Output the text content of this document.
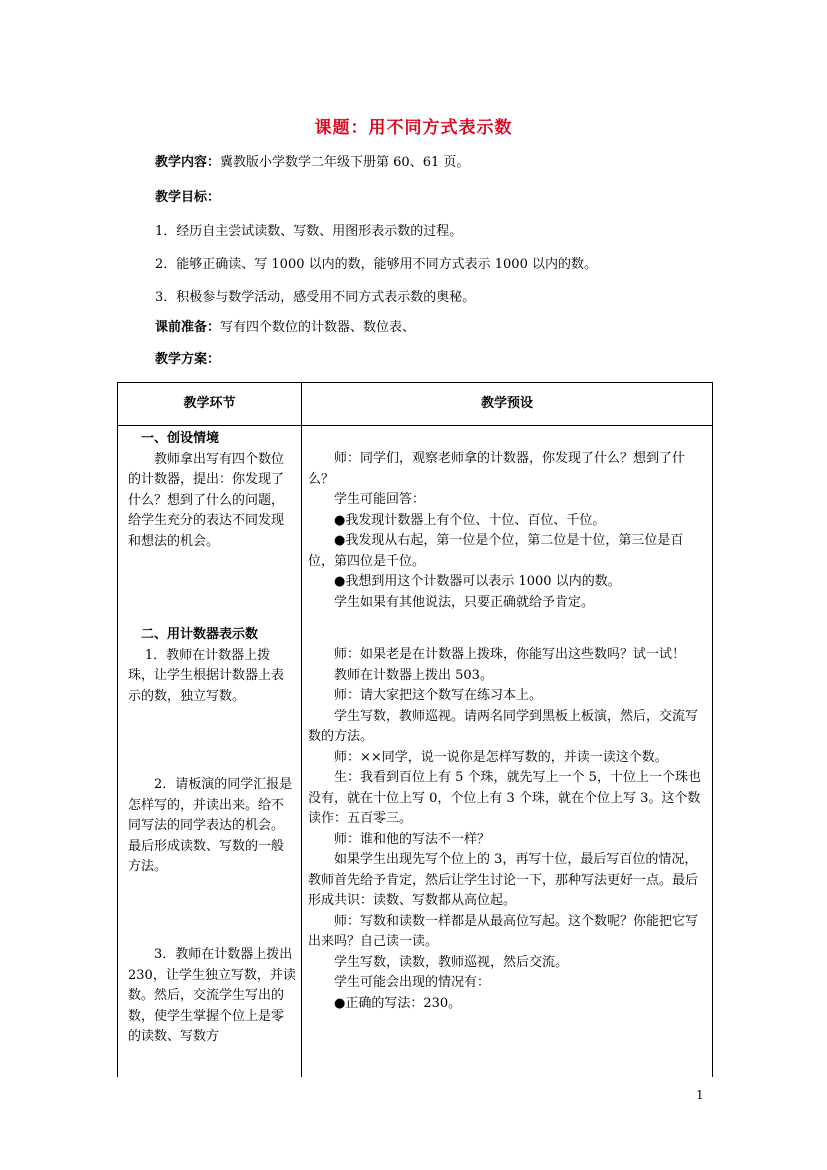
课题：用不同方式表示数
教学内容：冀教版小学数学二年级下册第 60、61 页。
教学目标：
1．经历自主尝试读数、写数、用图形表示数的过程。
2．能够正确读、写 1000 以内的数，能够用不同方式表示 1000 以内的数。
3．积极参与数学活动，感受用不同方式表示数的奥秘。
课前准备：写有四个数位的计数器、数位表、
教学方案：
教学环节	教学预设

一、创设情境

教师拿出写有四个数位的计数器，提出：你发现了什么？想到了什么的问题，给学生充分的表达不同发现和想法的机会。

二、用计数器表示数

1．教师在计数器上拨珠，让学生根据计数器上表示的数，独立写数。

2．请板演的同学汇报是怎样写的，并读出来。给不同写法的同学表达的机会。最后形成读数、写数的一般方法。

3．教师在计数器上拨出 230，让学生独立写数，并读数。然后，交流学生写出的数，使学生掌握个位上是零的读数、写数方

师：同学们，观察老师拿的计数器，你发现了什么？想到了什么？

学生可能回答：

●我发现计数器上有个位、十位、百位、千位。

●我发现从右起，第一位是个位，第二位是十位，第三位是百位，第四位是千位。

●我想到用这个计数器可以表示 1000 以内的数。

学生如果有其他说法，只要正确就给予肯定。

师：如果老是在计数器上拨珠，你能写出这些数吗？试一试！

教师在计数器上拨出 503。

师：请大家把这个数写在练习本上。

学生写数，教师巡视。请两名同学到黑板上板演，然后，交流写数的方法。

师：××同学，说一说你是怎样写数的，并读一读这个数。

生：我看到百位上有 5 个珠，就先写上一个 5，十位上一个珠也没有，就在十位上写 0，个位上有 3 个珠，就在个位上写 3。这个数读作：五百零三。

师：谁和他的写法不一样？

如果学生出现先写个位上的 3，再写十位，最后写百位的情况，教师首先给予肯定，然后让学生讨论一下，那种写法更好一点。最后形成共识：读数、写数都从高位起。

师：写数和读数一样都是从最高位写起。这个数呢？你能把它写出来吗？自己读一读。

学生写数，读数，教师巡视，然后交流。

学生可能会出现的情况有：

●正确的写法：230。

1
